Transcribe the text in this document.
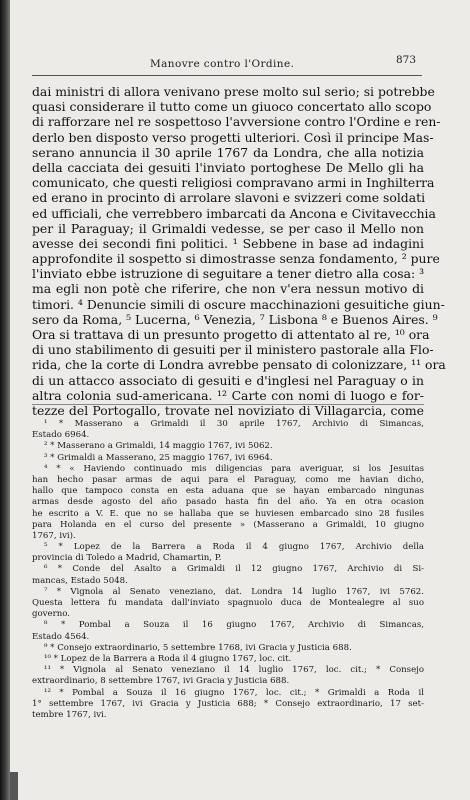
Manovre contro l'Ordine.	873
dai ministri di allora venivano prese molto sul serio; si potrebbe
quasi considerare il tutto come un giuoco concertato allo scopo
di rafforzare nel re sospettoso l'avversione contro l'Ordine e ren-
derlo ben disposto verso progetti ulteriori. Così il principe Mas-
serano annuncia il 30 aprile 1767 da Londra, che alla notizia
della cacciata dei gesuiti l'inviato portoghese De Mello gli ha
comunicato, che questi religiosi compravano armi in Inghilterra
ed erano in procinto di arrolare slavoni e svizzeri come soldati
ed ufficiali, che verrebbero imbarcati da Ancona e Civitavecchia
per il Paraguay; il Grimaldi vedesse, se per caso il Mello non
avesse dei secondi fini politici. ¹ Sebbene in base ad indagini
approfondite il sospetto si dimostrasse senza fondamento, ² pure
l'inviato ebbe istruzione di seguitare a tener dietro alla cosa: ³
ma egli non potè che riferire, che non v'era nessun motivo di
timori. ⁴ Denuncie simili di oscure macchinazioni gesuitiche giun-
sero da Roma, ⁵ Lucerna, ⁶ Venezia, ⁷ Lisbona ⁸ e Buenos Aires. ⁹
Ora si trattava di un presunto progetto di attentato al re, ¹⁰ ora
di uno stabilimento di gesuiti per il ministero pastorale alla Flo-
rida, che la corte di Londra avrebbe pensato di colonizzare, ¹¹ ora
di un attacco associato di gesuiti e d'inglesi nel Paraguay o in
altra colonia sud-americana. ¹² Carte con nomi di luogo e for-
tezze del Portogallo, trovate nel noviziato di Villagarcia, come
¹ * Masserano a Grimaldi il 30 aprile 1767, Archivio di Simancas,
Estado 6964.
² * Masserano a Grimaldi, 14 maggio 1767, ivi 5062.
³ * Grimaldi a Masserano, 25 maggio 1767, ivi 6964.
⁴ * « Haviendo continuado mis diligencias para averiguar, si los Jesuitas
han hecho pasar armas de aqui para el Paraguay, como me havian dicho,
hallo que tampoco consta en esta aduana que se hayan embarcado ningunas
armas desde agosto del año pasado hasta fin del año. Ya en otra ocasion
he escrito a V. E. que no se hallaba que se huviesen embarcado sino 28 fusiles
para Holanda en el curso del presente » (Masserano a Grimaldi, 10 giugno
1767, ivi).
⁵ * Lopez de la Barrera a Roda il 4 giugno 1767, Archivio della
provincia di Toledo a Madrid, Chamartin, P.
⁶ * Conde del Asalto a Grimaldi il 12 giugno 1767, Archivio di Si-
mancas, Estado 5048.
⁷ * Vignola al Senato veneziano, dat. Londra 14 luglio 1767, ivi 5762.
Questa lettera fu mandata dall'inviato spagnuolo duca de Montealegre al suo
governo.
⁸ * Pombal a Souza il 16 giugno 1767, Archivio di Simancas,
Estado 4564.
⁹ * Consejo extraordinario, 5 settembre 1768, ivi Gracia y Justicia 688.
¹⁰ * Lopez de la Barrera a Roda il 4 giugno 1767, loc. cit.
¹¹ * Vignola al Senato veneziano il 14 luglio 1767, loc. cit.; * Consejo
extraordinario, 8 settembre 1767, ivi Gracia y Justicia 688.
¹² * Pombal a Souza il 16 giugno 1767, loc. cit.; * Grimaldi a Roda il
1° settembre 1767, ivi Gracia y Justicia 688; * Consejo extraordinario, 17 set-
tembre 1767, ivi.
